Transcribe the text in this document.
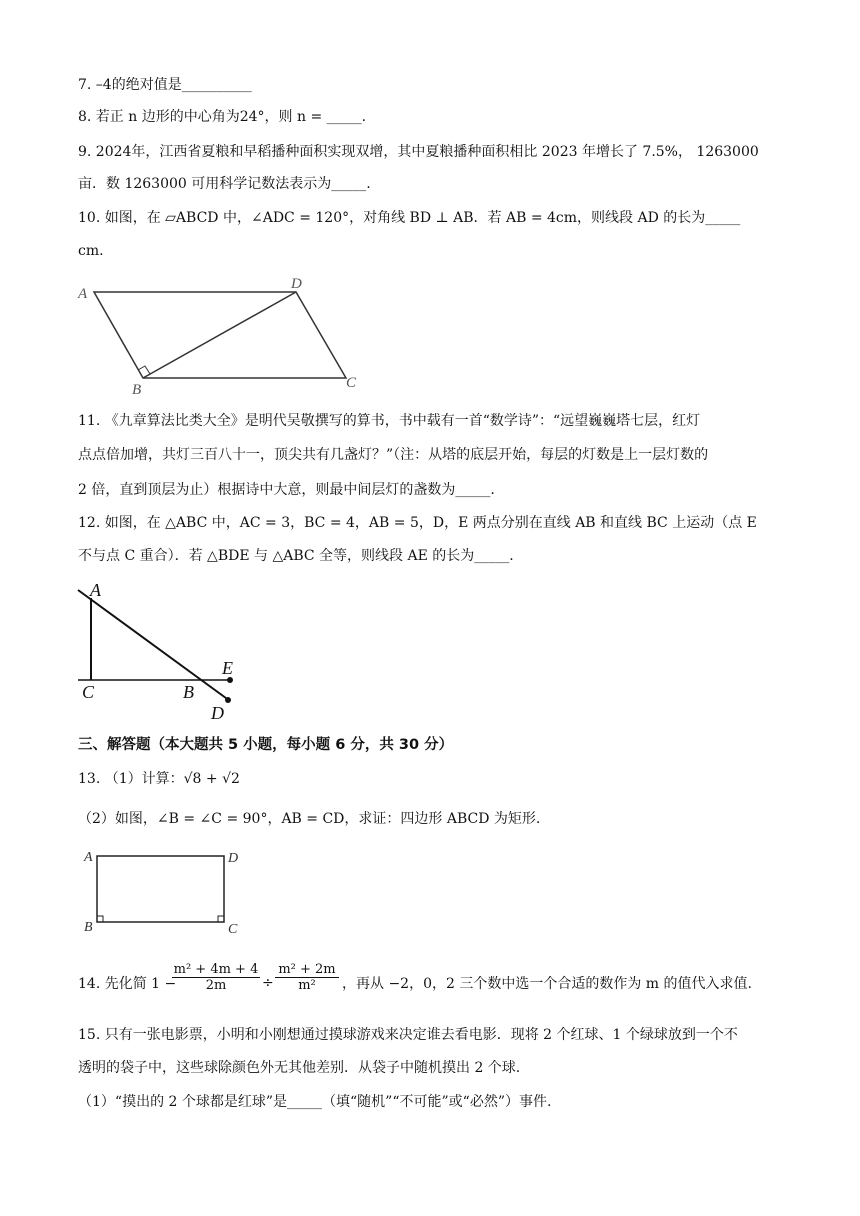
7. –4的绝对值是__________
8. 若正 n 边形的中心角为24°，则 n = _____.
9. 2024年，江西省夏粮和早稻播种面积实现双增，其中夏粮播种面积相比 2023 年增长了 7.5%， 1263000
亩．数 1263000 可用科学记数法表示为_____.
10. 如图，在 ▱ABCD 中，∠ADC = 120°，对角线 BD ⊥ AB．若 AB = 4cm，则线段 AD 的长为_____
cm.
A
D
B	C
11. 《九章算法比类大全》是明代吴敬撰写的算书，书中载有一首“数学诗”：“远望巍巍塔七层，红灯
点点倍加增，共灯三百八十一，顶尖共有几盏灯？”（注：从塔的底层开始，每层的灯数是上一层灯数的
2 倍，直到顶层为止）根据诗中大意，则最中间层灯的盏数为_____.
12. 如图，在 △ABC 中，AC = 3，BC = 4，AB = 5，D，E 两点分别在直线 AB 和直线 BC 上运动（点 E
不与点 C 重合）．若 △BDE 与 △ABC 全等，则线段 AE 的长为_____.
A
C	B
E
D
三、解答题（本大题共 5 小题，每小题 6 分，共 30 分）
13. （1）计算：√8 + √2
（2）如图，∠B = ∠C = 90°，AB = CD，求证：四边形 ABCD 为矩形.
A	D
B	C
14. 先化简 1 −
$\frac{\text{m² + 4m + 4}}{2m} \div \frac{\text{m² + 2m}}{\text{m²}}$ ，再从 −2，0，2 三个数中选一个合适的数作为 m 的值代入求值.
15. 只有一张电影票，小明和小刚想通过摸球游戏来决定谁去看电影．现将 2 个红球、1 个绿球放到一个不
透明的袋子中，这些球除颜色外无其他差别．从袋子中随机摸出 2 个球.
（1）“摸出的 2 个球都是红球”是_____（填“随机”“不可能”或“必然”）事件.
